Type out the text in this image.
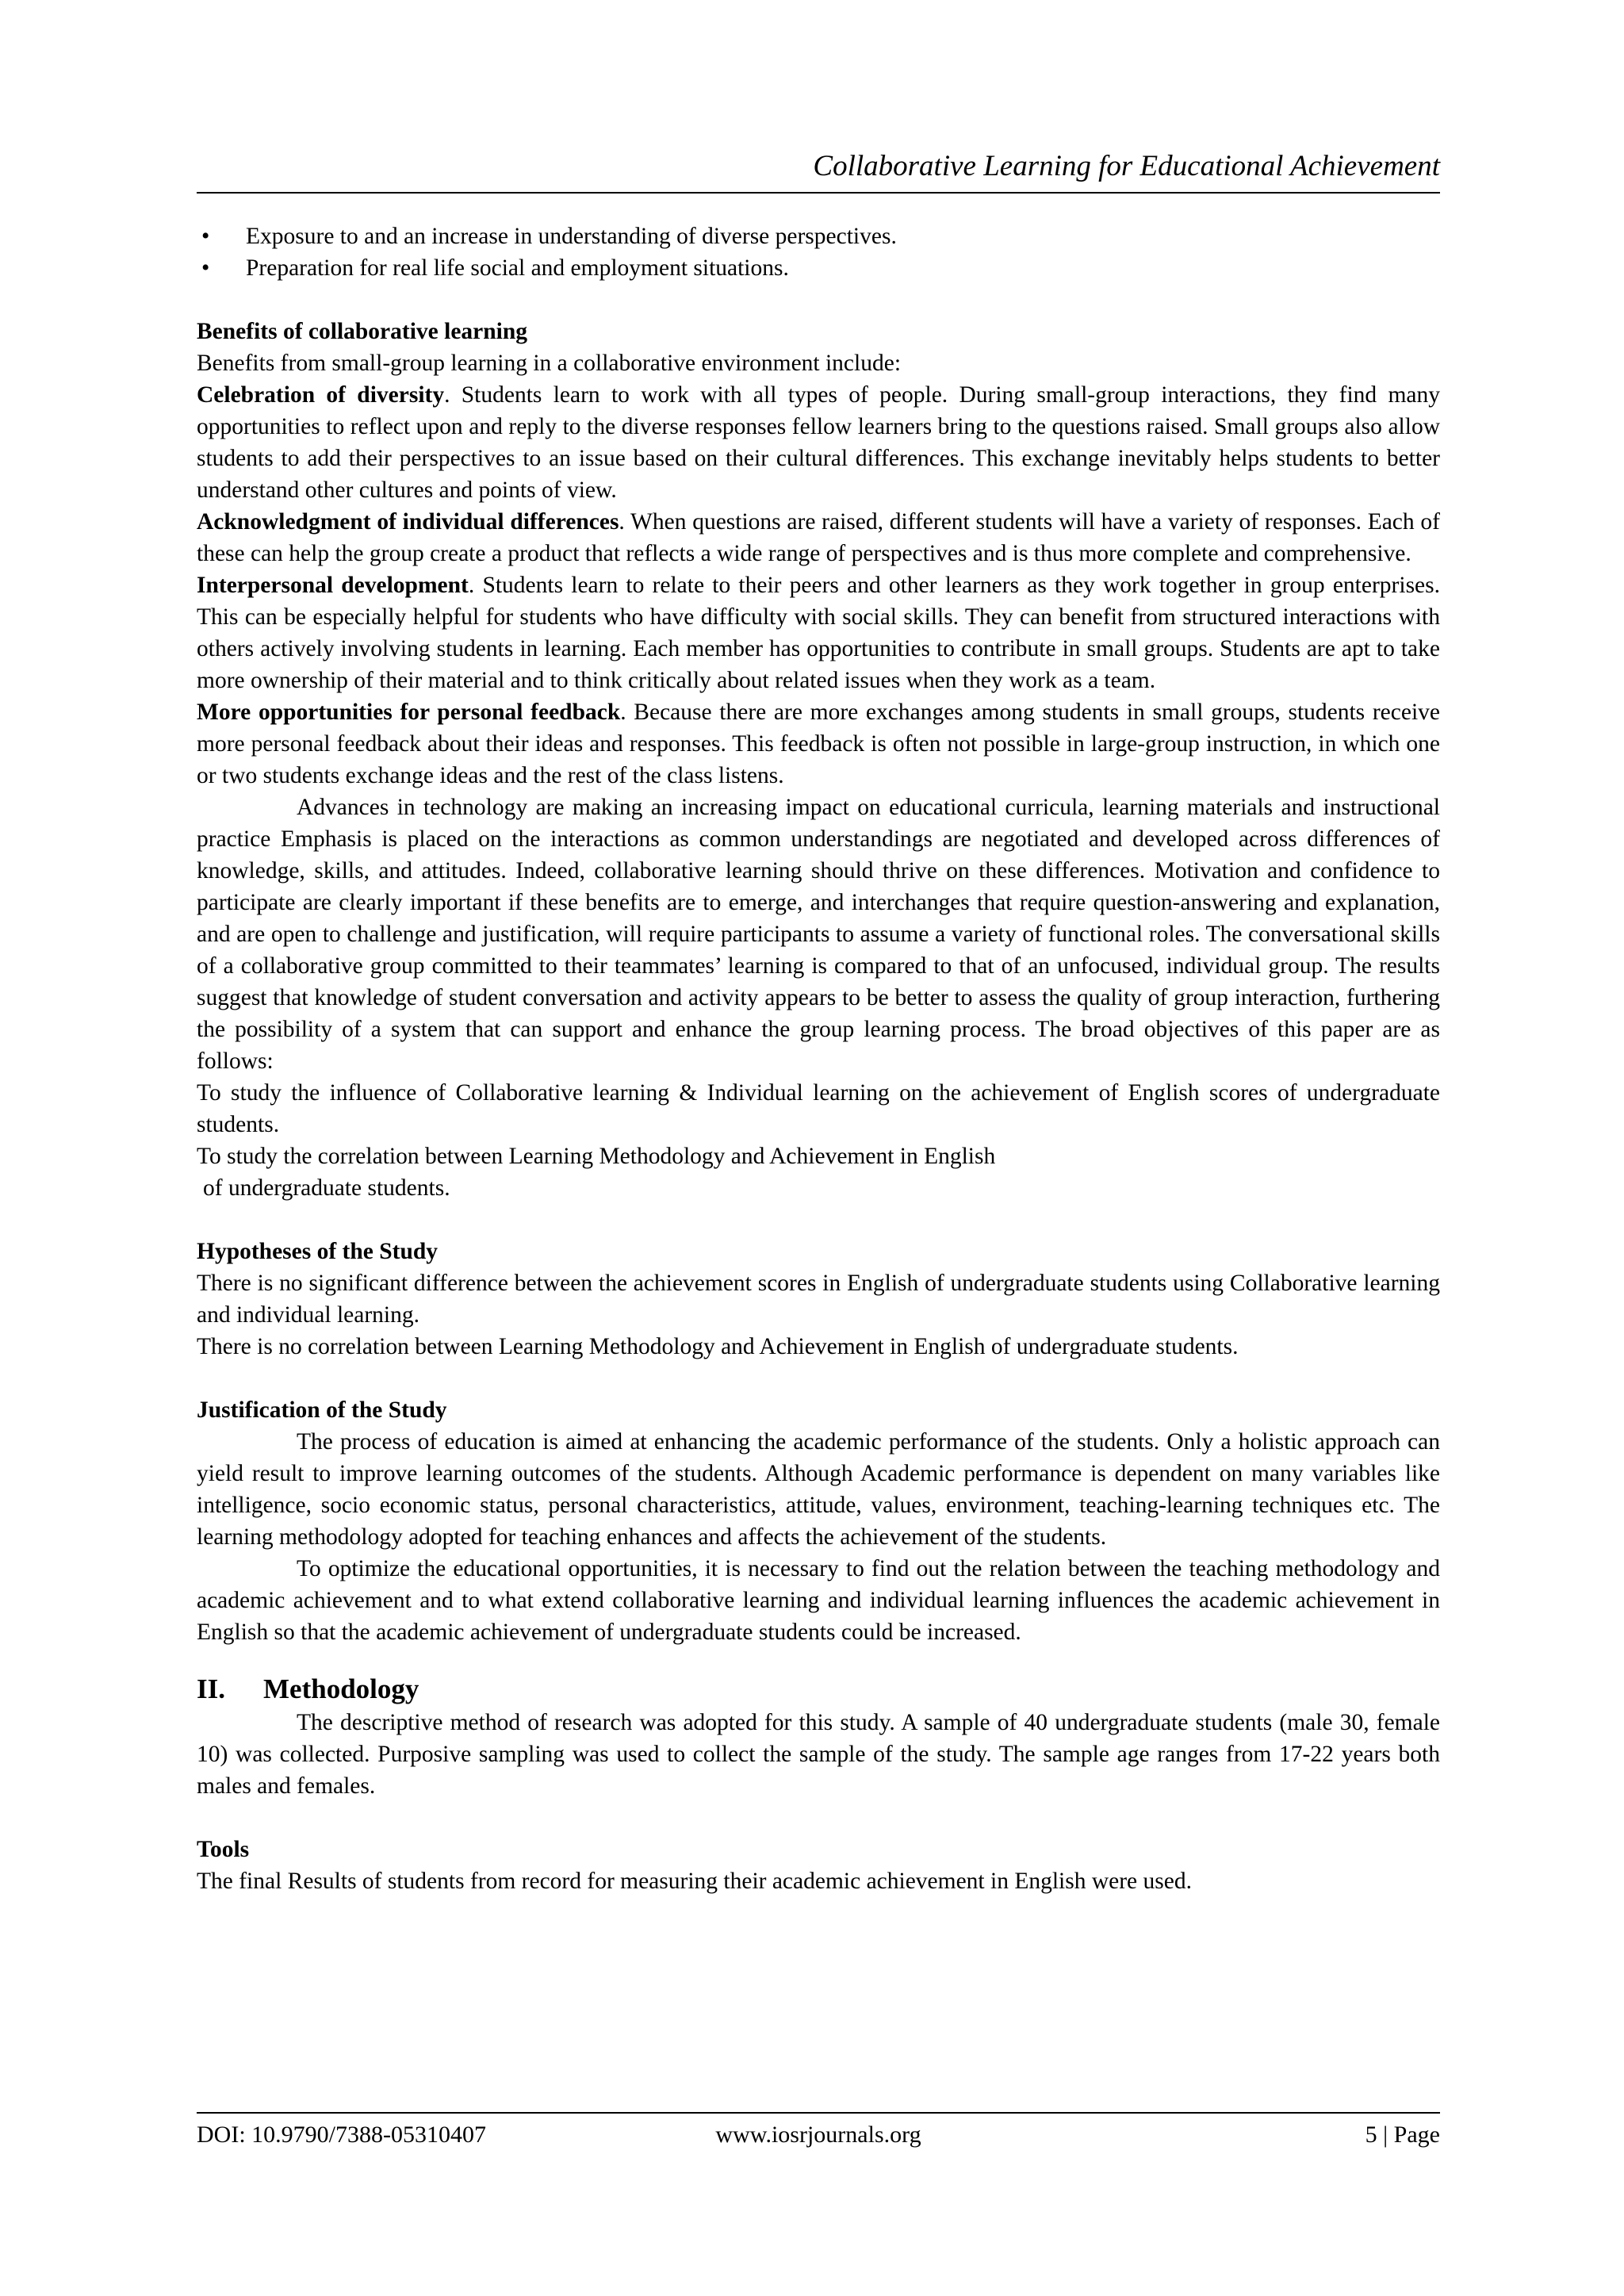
Collaborative Learning for Educational Achievement
• Exposure to and an increase in understanding of diverse perspectives.
• Preparation for real life social and employment situations.

Benefits of collaborative learning

Benefits from small-group learning in a collaborative environment include:

Celebration of diversity. Students learn to work with all types of people. During small-group interactions, they find many opportunities to reflect upon and reply to the diverse responses fellow learners bring to the questions raised. Small groups also allow students to add their perspectives to an issue based on their cultural differences. This exchange inevitably helps students to better understand other cultures and points of view.

Acknowledgment of individual differences. When questions are raised, different students will have a variety of responses. Each of these can help the group create a product that reflects a wide range of perspectives and is thus more complete and comprehensive.

Interpersonal development. Students learn to relate to their peers and other learners as they work together in group enterprises. This can be especially helpful for students who have difficulty with social skills. They can benefit from structured interactions with others actively involving students in learning. Each member has opportunities to contribute in small groups. Students are apt to take more ownership of their material and to think critically about related issues when they work as a team.

More opportunities for personal feedback. Because there are more exchanges among students in small groups, students receive more personal feedback about their ideas and responses. This feedback is often not possible in large-group instruction, in which one or two students exchange ideas and the rest of the class listens.

Advances in technology are making an increasing impact on educational curricula, learning materials and instructional practice Emphasis is placed on the interactions as common understandings are negotiated and developed across differences of knowledge, skills, and attitudes. Indeed, collaborative learning should thrive on these differences. Motivation and confidence to participate are clearly important if these benefits are to emerge, and interchanges that require question-answering and explanation, and are open to challenge and justification, will require participants to assume a variety of functional roles. The conversational skills of a collaborative group committed to their teammates’ learning is compared to that of an unfocused, individual group. The results suggest that knowledge of student conversation and activity appears to be better to assess the quality of group interaction, furthering the possibility of a system that can support and enhance the group learning process. The broad objectives of this paper are as follows:

To study the influence of Collaborative learning & Individual learning on the achievement of English scores of undergraduate students.

To study the correlation between Learning Methodology and Achievement in English

of undergraduate students.

Hypotheses of the Study

There is no significant difference between the achievement scores in English of undergraduate students using Collaborative learning and individual learning.

There is no correlation between Learning Methodology and Achievement in English of undergraduate students.

Justification of the Study

The process of education is aimed at enhancing the academic performance of the students. Only a holistic approach can yield result to improve learning outcomes of the students. Although Academic performance is dependent on many variables like intelligence, socio economic status, personal characteristics, attitude, values, environment, teaching-learning techniques etc. The learning methodology adopted for teaching enhances and affects the achievement of the students.

To optimize the educational opportunities, it is necessary to find out the relation between the teaching methodology and academic achievement and to what extend collaborative learning and individual learning influences the academic achievement in English so that the academic achievement of undergraduate students could be increased.

II. Methodology

The descriptive method of research was adopted for this study. A sample of 40 undergraduate students (male 30, female 10) was collected. Purposive sampling was used to collect the sample of the study. The sample age ranges from 17-22 years both males and females.

Tools

The final Results of students from record for measuring their academic achievement in English were used.

DOI: 10.9790/7388-05310407	www.iosrjournals.org	5 | Page
